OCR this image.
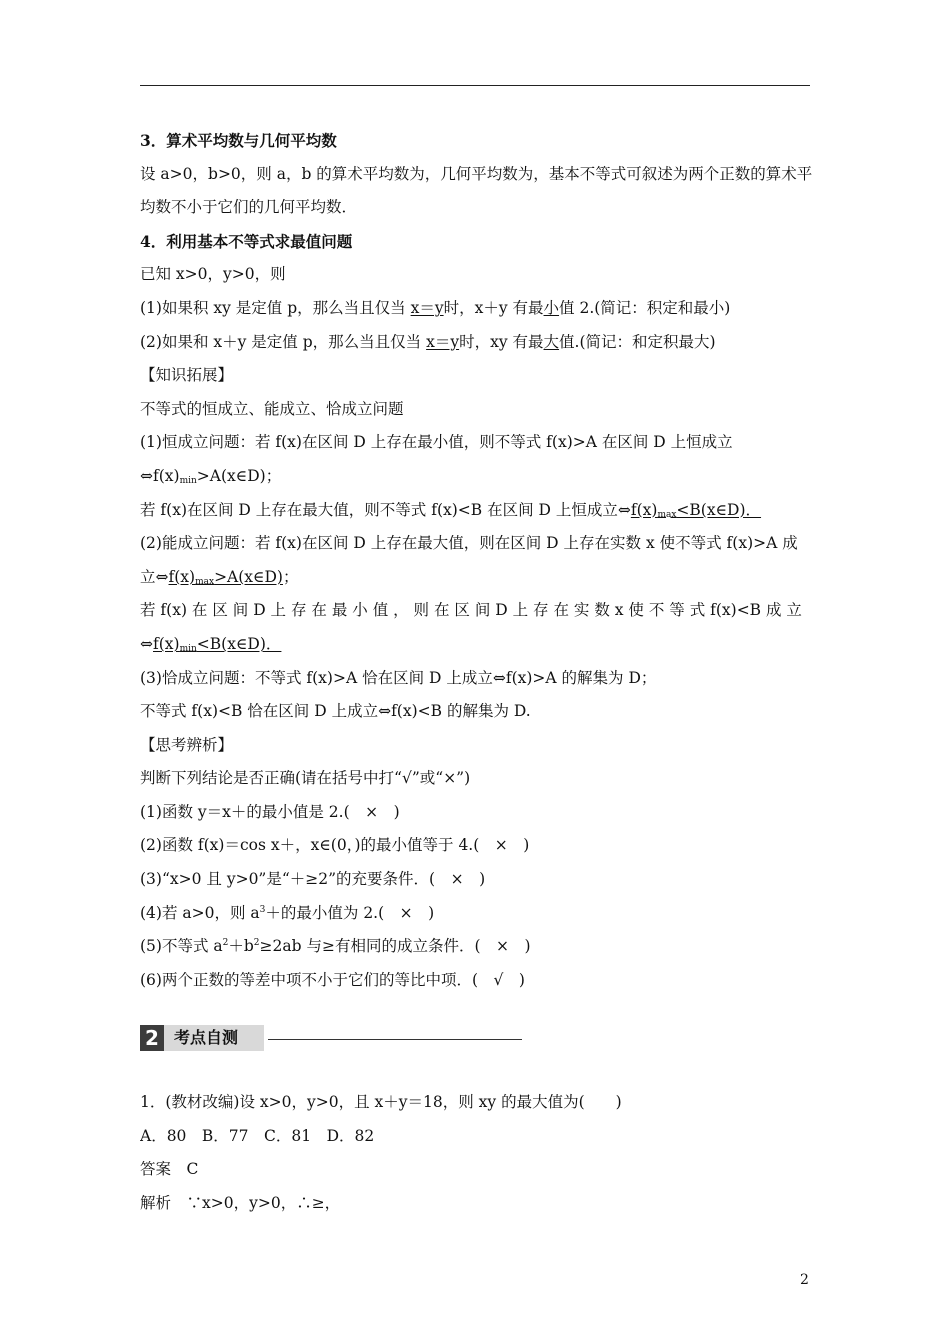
3．算术平均数与几何平均数
设 a>0，b>0，则 a，b 的算术平均数为，几何平均数为，基本不等式可叙述为两个正数的算术平
均数不小于它们的几何平均数．
4．利用基本不等式求最值问题
已知 x>0，y>0，则
(1)如果积 xy 是定值 p，那么当且仅当 x＝y时，x＋y 有最小值 2.(简记：积定和最小)
(2)如果和 x＋y 是定值 p，那么当且仅当 x＝y时，xy 有最大值.(简记：和定积最大)
【知识拓展】
不等式的恒成立、能成立、恰成立问题
(1)恒成立问题：若 f(x)在区间 D 上存在最小值，则不等式 f(x)>A 在区间 D 上恒成立
$\Leftrightarrow f(x)_{min}>A(x\in D)$；
若 f(x)在区间 D 上存在最大值，则不等式 f(x)<B 在区间 D 上恒成立$\Leftrightarrow f(x)_{max}<B(x\in D)$．
(2)能成立问题：若 f(x)在区间 D 上存在最大值，则在区间 D 上存在实数 x 使不等式 f(x)>A 成
立$\Leftrightarrow f(x)_{max}>A(x\in D)$；
若 f(x) 在 区 间 D 上 存 在 最 小 值 ， 则 在 区 间 D 上 存 在 实 数 x 使 不 等 式 f(x)<B 成 立
$\Leftrightarrow f(x)_{min}<B(x\in D)$．
(3)恰成立问题：不等式 f(x)>A 恰在区间 D 上成立⇔f(x)>A 的解集为 D；
不等式 f(x)<B 恰在区间 D 上成立⇔f(x)<B 的解集为 D.
【思考辨析】
判断下列结论是否正确(请在括号中打“√”或“×”)
(1)函数 y＝x＋的最小值是 2.(　×　)
(2)函数 f(x)＝cos x＋，x∈(0，)的最小值等于 4.(　×　)
(3)“x>0 且 y>0”是“＋≥2”的充要条件．(　×　)
(4)若 a>0，则 $a^3+$的最小值为 2.(　×　)
(5)不等式 $a^2+b^2\ge 2ab$ 与≥有相同的成立条件．(　×　)
(6)两个正数的等差中项不小于它们的等比中项．(　√　)
2 考点自测
1．(教材改编)设 x>0，y>0，且 x＋y＝18，则 xy 的最大值为(　　)
A．80　B．77　C．81　D．82
答案　C
解析　∵x>0，y>0，∴≥，
2
